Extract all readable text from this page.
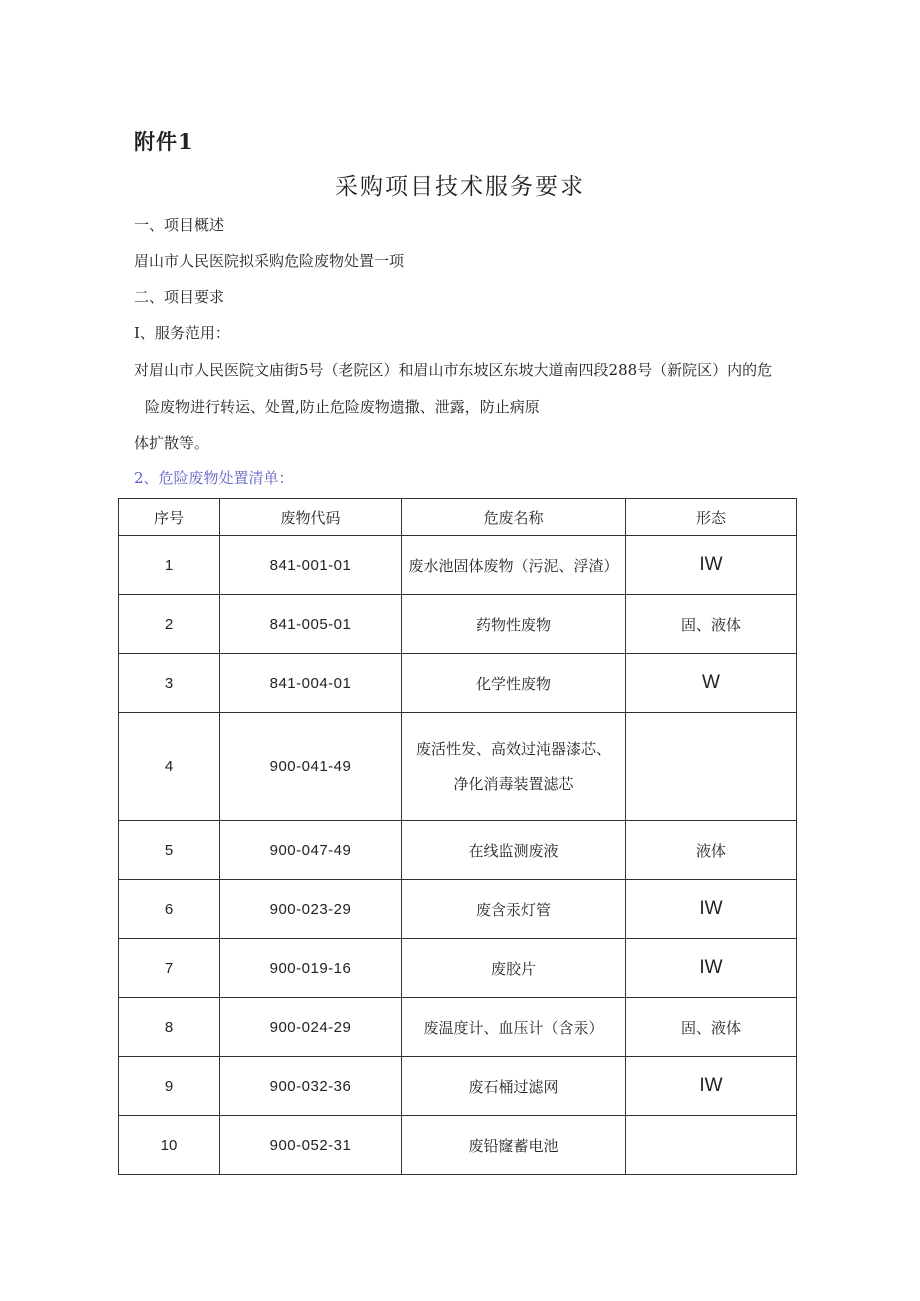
附件1
采购项目技术服务要求
一、项目概述
眉山市人民医院拟采购危险废物处置一项
二、项目要求
I、服务范用：
对眉山市人民医院文庙街5号（老院区）和眉山市东坡区东坡大道南四段288号（新院区）内的危
险废物进行转运、处置,防止危险废物遗撒、泄露，防止病原
体扩散等。
2、危险废物处置清单：
序号	废物代码	危废名称	形态
1	841-001-01	废水池固体废物（污泥、浮渣）	IW
2	841-005-01	药物性废物	固、液体
3	841-004-01	化学性废物	W
4	900-041-49	废活性发、高效过沌器漆芯、
净化消毒装置滤芯	

5	900-047-49	在线监测废液	液体
6	900-023-29	废含汞灯管	IW
7	900-019-16	废胶片	IW
8	900-024-29	废温度计、血压计（含汞）	固、液体
9	900-032-36	废石桶过滤网	IW
10	900-052-31	废铅窿蓄电池	
